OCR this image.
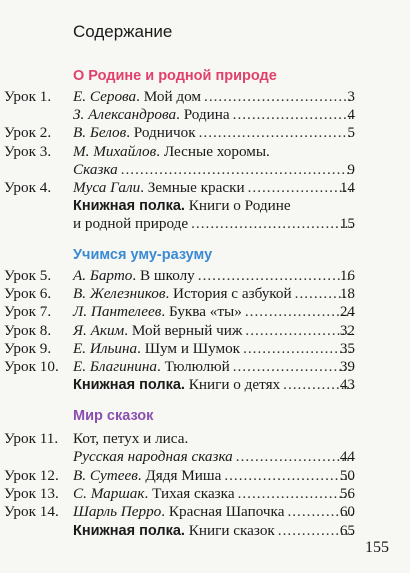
Содержание
О Родине и родной природе
Урок 1. Е. Серова . Мой дом .....	3
З. Александрова . Родина .....	4
Урок 2. В. Белов . Родничок .....	5
Урок 3. М. Михайлов . Лесные хоромы.
Сказка .....	9
Урок 4. Муса Гали . Земные краски .....	14
Книжная полка. Книги о Родине
и родной природе .....	15
Учимся уму-разуму
Урок 5. А. Барто . В школу .....	16
Урок 6. В. Железников . История с азбукой .....	18
Урок 7. Л. Пантелеев . Буква «ты» .....	24
Урок 8. Я. Аким . Мой верный чиж .....	32
Урок 9. Е. Ильина . Шум и Шумок .....	35
Урок 10. Е. Благинина . Тюлюлюй .....	39
Книжная полка. Книги о детях .....	43
Мир сказок
Урок 11. Кот, петух и лиса.
Русская народная сказка .....	44
Урок 12. В. Сутеев . Дядя Миша .....	50
Урок 13. С. Маршак . Тихая сказка .....	56
Урок 14. Шарль Перро . Красная Шапочка .....	60
Книжная полка. Книги сказок .....	65
155
